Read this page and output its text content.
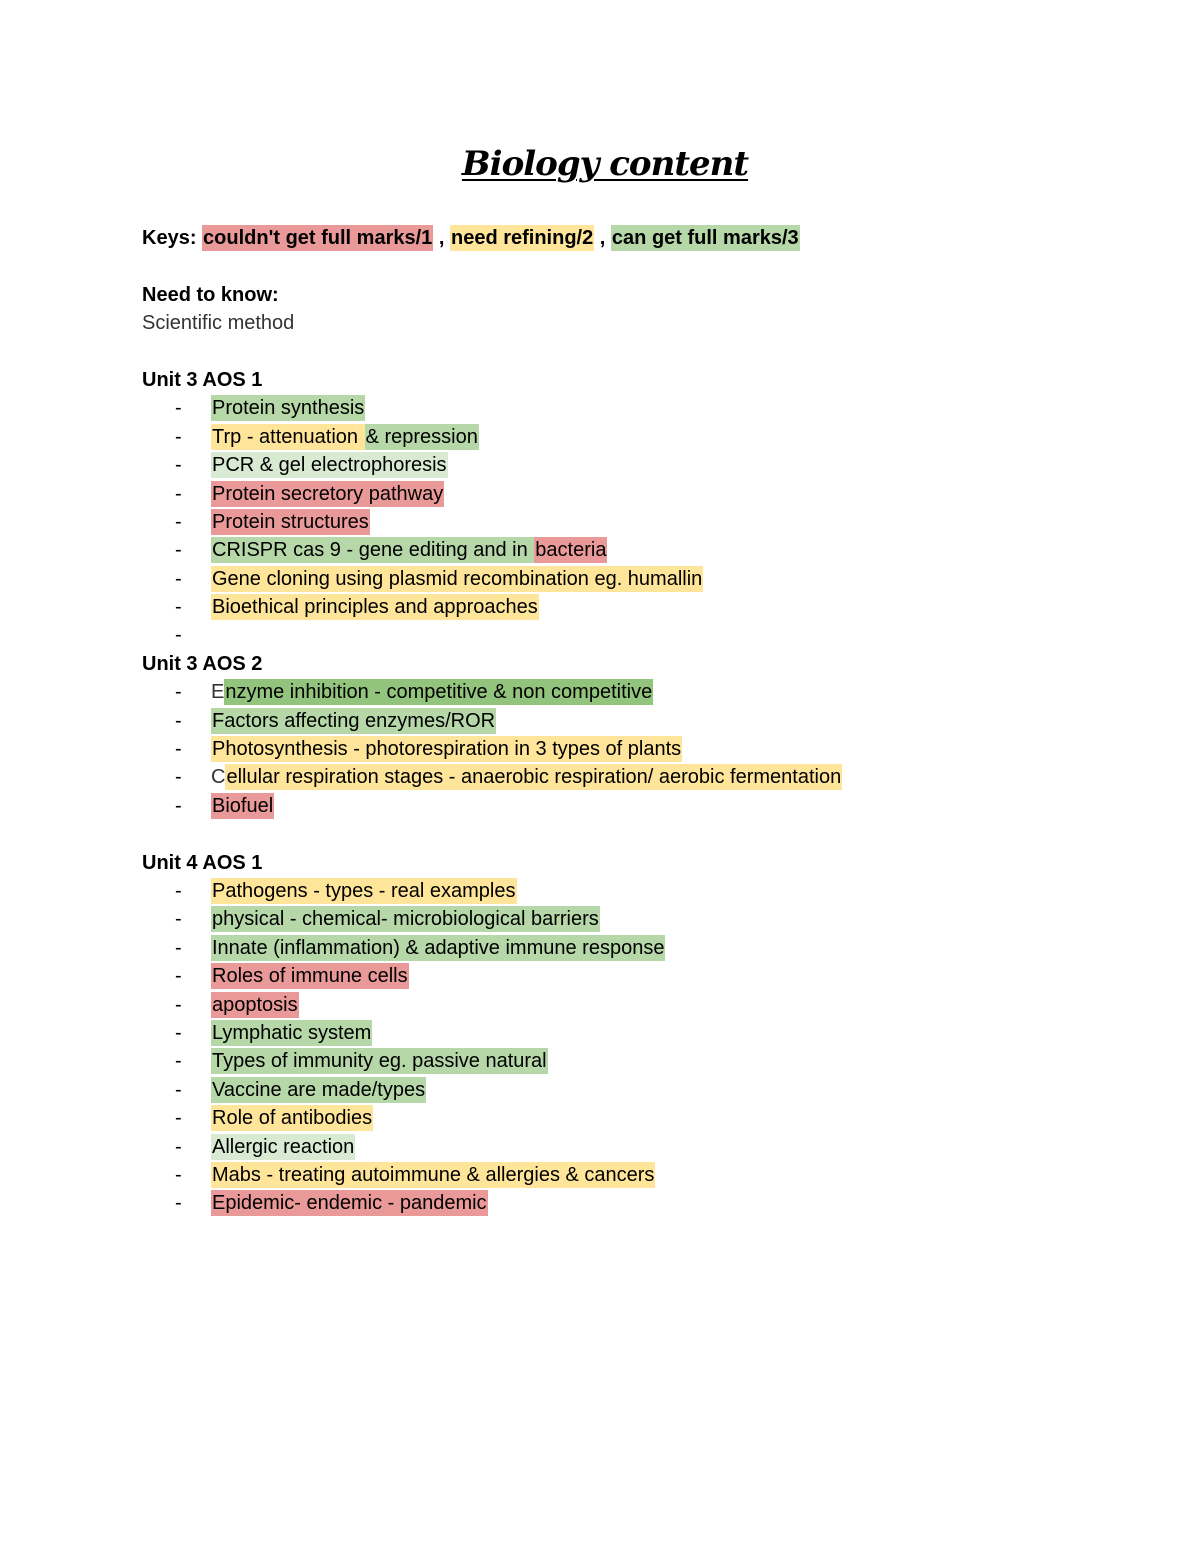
Biology content
Keys: couldn't get full marks/1 , need refining/2 , can get full marks/3
Need to know:
Scientific method
Unit 3 AOS 1
- Protein synthesis
- Trp - attenuation & repression
- PCR & gel electrophoresis
- Protein secretory pathway
- Protein structures
- CRISPR cas 9 - gene editing and in bacteria
- Gene cloning using plasmid recombination eg. humallin
- Bioethical principles and approaches
-
Unit 3 AOS 2
- Enzyme inhibition - competitive & non competitive
- Factors affecting enzymes/ROR
- Photosynthesis - photorespiration in 3 types of plants
- Cellular respiration stages - anaerobic respiration/ aerobic fermentation
- Biofuel
Unit 4 AOS 1
- Pathogens - types - real examples
- physical - chemical- microbiological barriers
- Innate (inflammation) & adaptive immune response
- Roles of immune cells
- apoptosis
- Lymphatic system
- Types of immunity eg. passive natural
- Vaccine are made/types
- Role of antibodies
- Allergic reaction
- Mabs - treating autoimmune & allergies & cancers
- Epidemic- endemic - pandemic
